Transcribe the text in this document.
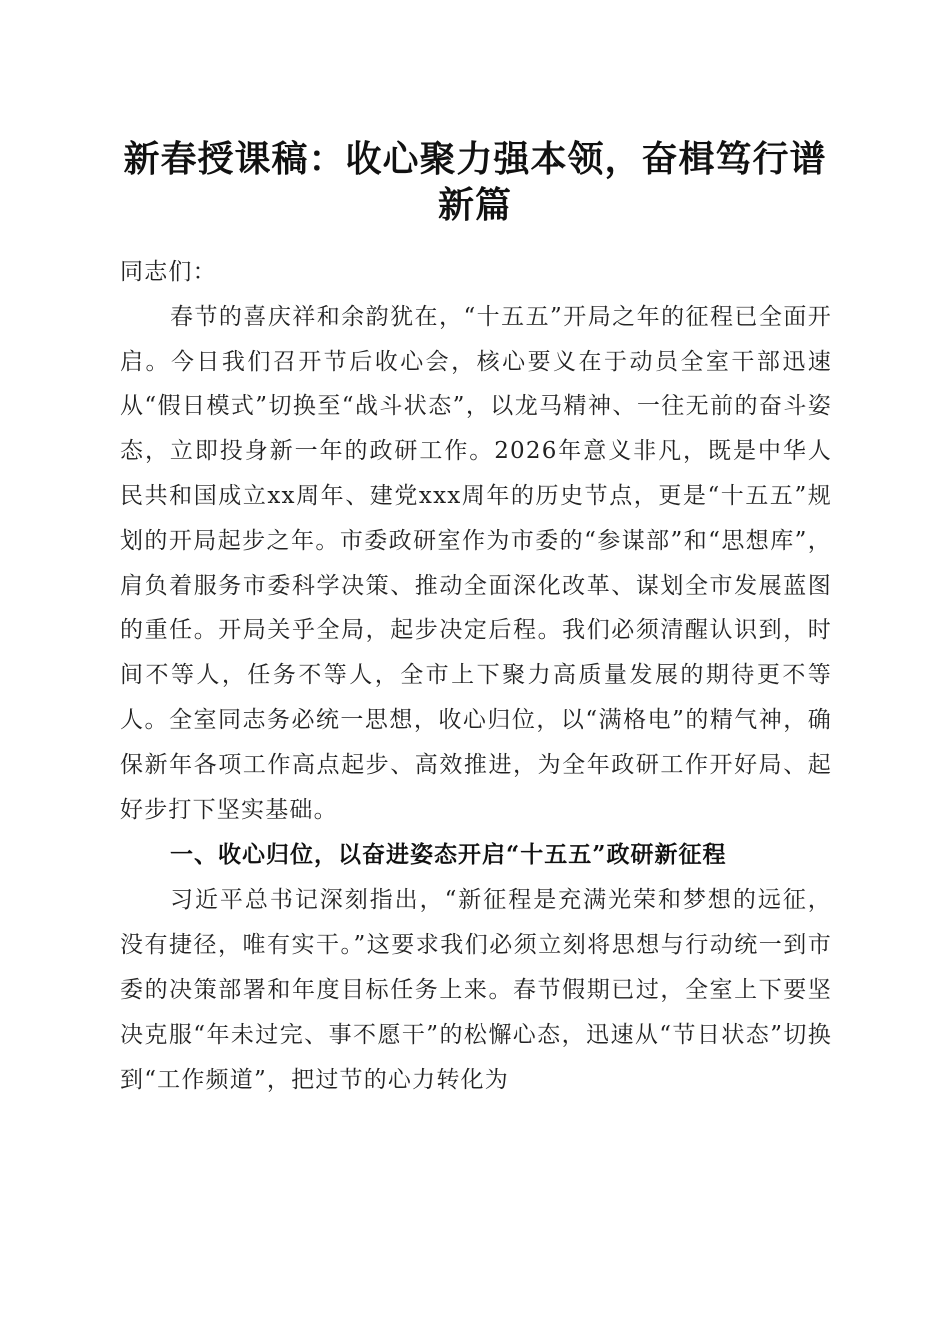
新春授课稿：收心聚力强本领，奋楫笃行谱新篇

同志们：

春节的喜庆祥和余韵犹在，“十五五”开局之年的征程已全面开启。今日我们召开节后收心会，核心要义在于动员全室干部迅速从“假日模式”切换至“战斗状态”，以龙马精神、一往无前的奋斗姿态，立即投身新一年的政研工作。2026年意义非凡，既是中华人民共和国成立xx周年、建党xxx周年的历史节点，更是“十五五”规划的开局起步之年。市委政研室作为市委的“参谋部”和“思想库”，肩负着服务市委科学决策、推动全面深化改革、谋划全市发展蓝图的重任。开局关乎全局，起步决定后程。我们必须清醒认识到，时间不等人，任务不等人，全市上下聚力高质量发展的期待更不等人。全室同志务必统一思想，收心归位，以“满格电”的精气神，确保新年各项工作高点起步、高效推进，为全年政研工作开好局、起好步打下坚实基础。

一、收心归位，以奋进姿态开启“十五五”政研新征程

习近平总书记深刻指出，“新征程是充满光荣和梦想的远征，没有捷径，唯有实干。”这要求我们必须立刻将思想与行动统一到市委的决策部署和年度目标任务上来。春节假期已过，全室上下要坚决克服“年未过完、事不愿干”的松懈心态，迅速从“节日状态”切换到“工作频道”，把过节的心力转化为
